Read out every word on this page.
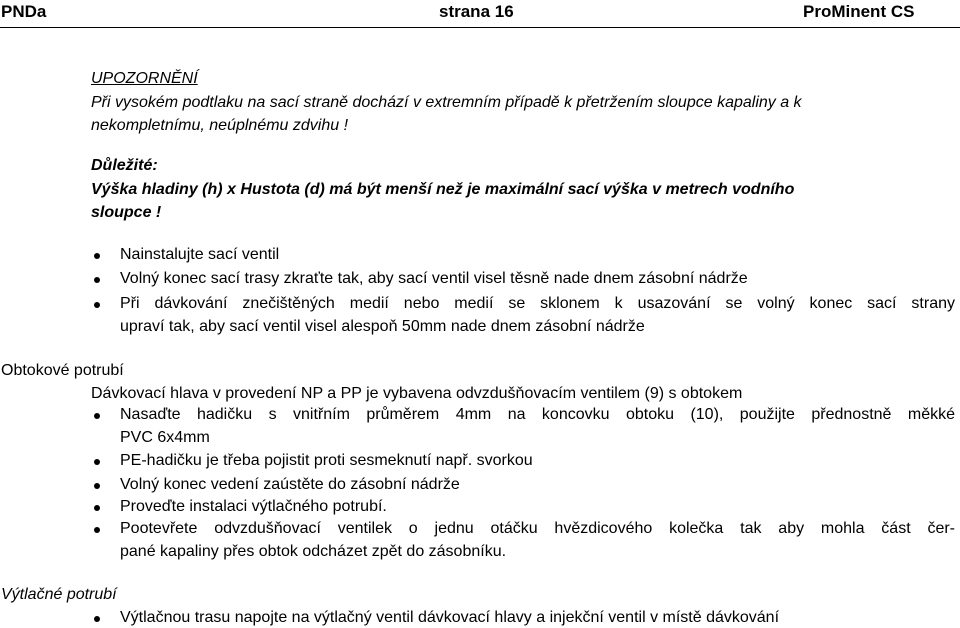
PNDa	strana 16	ProMinent CS
UPOZORNĚNÍ
Při vysokém podtlaku na sací straně dochází v extremním případě k přetržením sloupce kapaliny a k
nekompletnímu, neúplnému zdvihu !
Důležité:
Výška hladiny (h) x Hustota (d) má být menší než je maximální sací výška v metrech vodního
sloupce !
Nainstalujte sací ventil
Volný konec sací trasy zkraťte tak, aby sací ventil visel těsně nade dnem zásobní nádrže
Při dávkování znečištěných medií nebo medií se sklonem k usazování se volný konec sací strany
upraví tak, aby sací ventil visel alespoň 50mm nade dnem zásobní nádrže
Obtokové potrubí
Dávkovací hlava v provedení NP a PP je vybavena odvzdušňovacím ventilem (9) s obtokem
Nasaďte hadičku s vnitřním průměrem 4mm na koncovku obtoku (10), použijte přednostně měkké
PVC 6x4mm
PE-hadičku je třeba pojistit proti sesmeknutí např. svorkou
Volný konec vedení zaústěte do zásobní nádrže
Proveďte instalaci výtlačného potrubí.
Pootevřete odvzdušňovací ventilek o jednu otáčku hvězdicového kolečka tak aby mohla část čer-
pané kapaliny přes obtok odcházet zpět do zásobníku.
Výtlačné potrubí
Výtlačnou trasu napojte na výtlačný ventil dávkovací hlavy a injekční ventil v místě dávkování
